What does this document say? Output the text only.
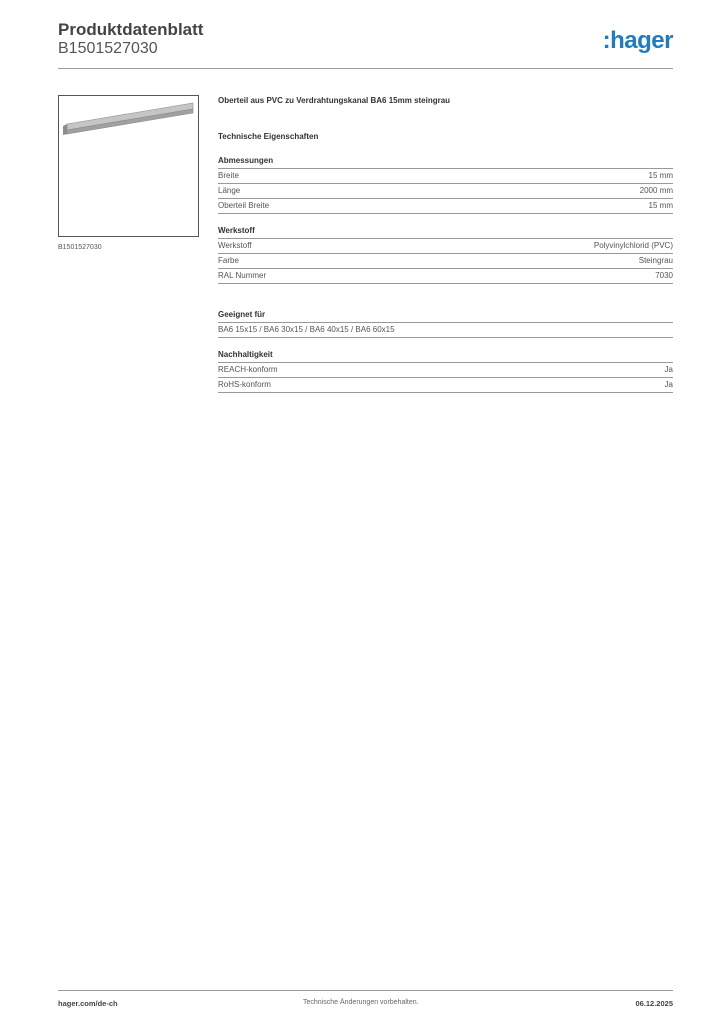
Produktdatenblatt
B1501527030	:hager
B1501527030
Oberteil aus PVC zu Verdrahtungskanal BA6 15mm steingrau
Technische Eigenschaften
Abmessungen
Breite	15 mm
Länge	2000 mm
Oberteil Breite	15 mm
Werkstoff
Werkstoff	Polyvinylchlorid (PVC)
Farbe	Steingrau
RAL Nummer	7030
Geeignet für
BA6 15x15 / BA6 30x15 / BA6 40x15 / BA6 60x15
Nachhaltigkeit
REACH-konform	Ja
RoHS-konform	Ja
hager.com/de-ch	Technische Änderungen vorbehalten.	06.12.2025
